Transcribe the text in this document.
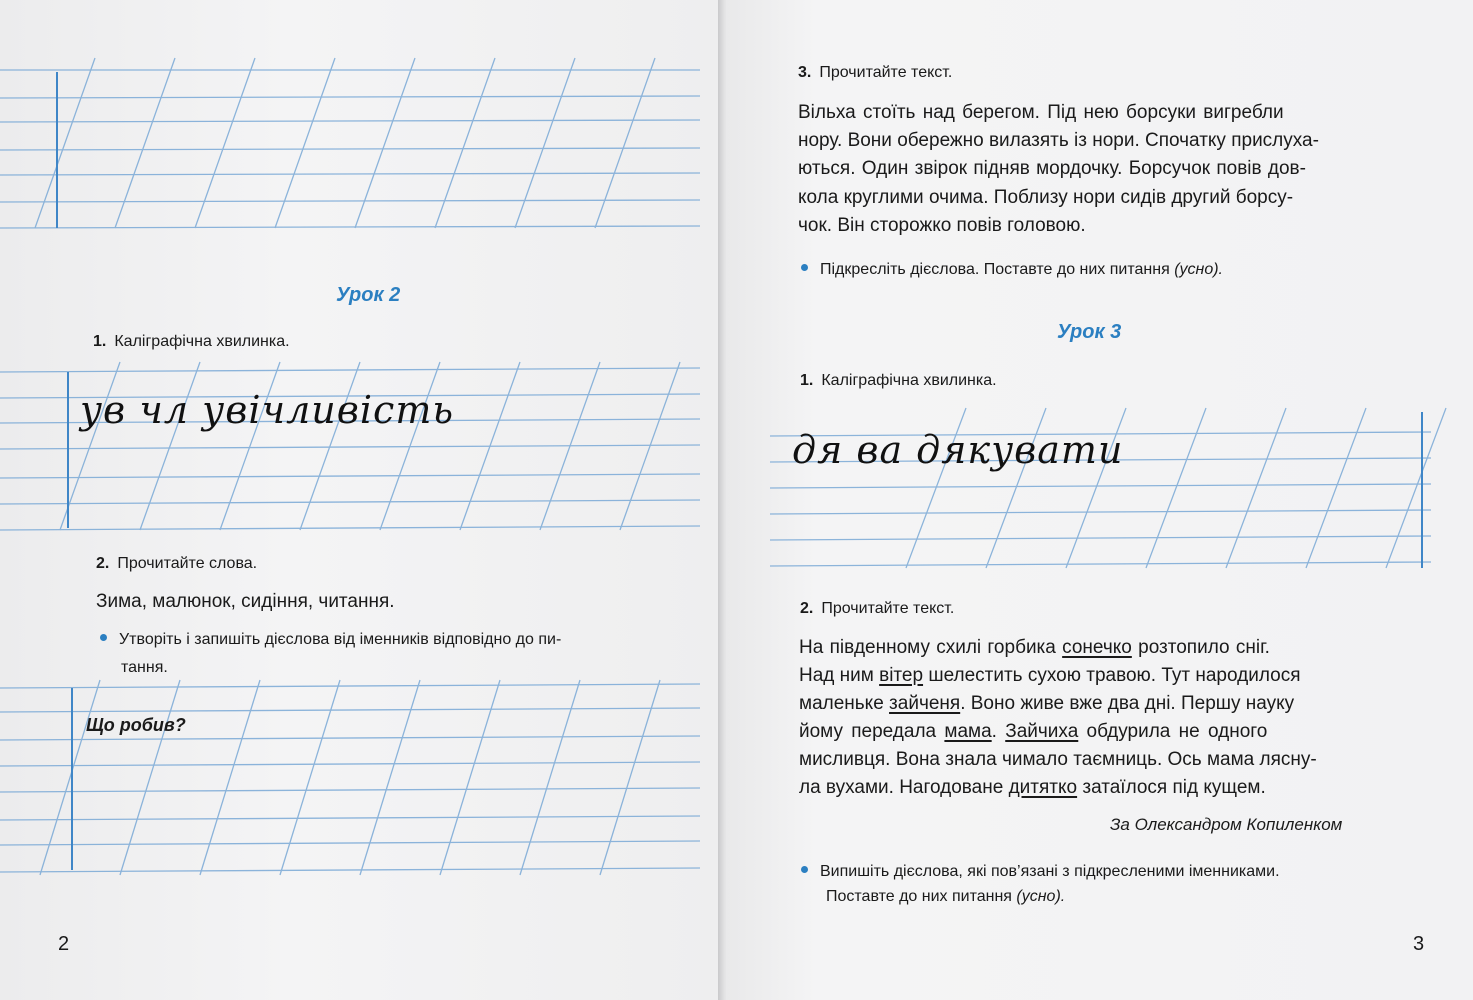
Урок 2
1. Каліграфічна хвилинка.
ув чл увічливість
2. Прочитайте слова.
Зима, малюнок, сидіння, читання.
Утворіть і запишіть дієслова від іменників відповідно до пи-
тання.
Що робив?
2
3. Прочитайте текст.
Вільха стоїть над берегом. Під нею борсуки вигребли
нору. Вони обережно вилазять із нори. Спочатку прислуха-
ються. Один звірок підняв мордочку. Борсучок повів дов-
кола круглими очима. Поблизу нори сидів другий борсу-
чок. Він сторожко повів головою.
Підкресліть дієслова. Поставте до них питання (усно).
Урок 3
1. Каліграфічна хвилинка.
дя ва дякувати
2. Прочитайте текст.
На південному схилі горбика сонечко розтопило сніг.
Над ним вітер шелестить сухою травою. Тут народилося
маленьке зайченя. Воно живе вже два дні. Першу науку
йому передала мама. Зайчиха обдурила не одного
мисливця. Вона знала чимало таємниць. Ось мама лясну-
ла вухами. Нагодоване дитятко затаїлося під кущем.
За Олександром Копиленком
Випишіть дієслова, які пов’язані з підкресленими іменниками.
Поставте до них питання (усно).
3
